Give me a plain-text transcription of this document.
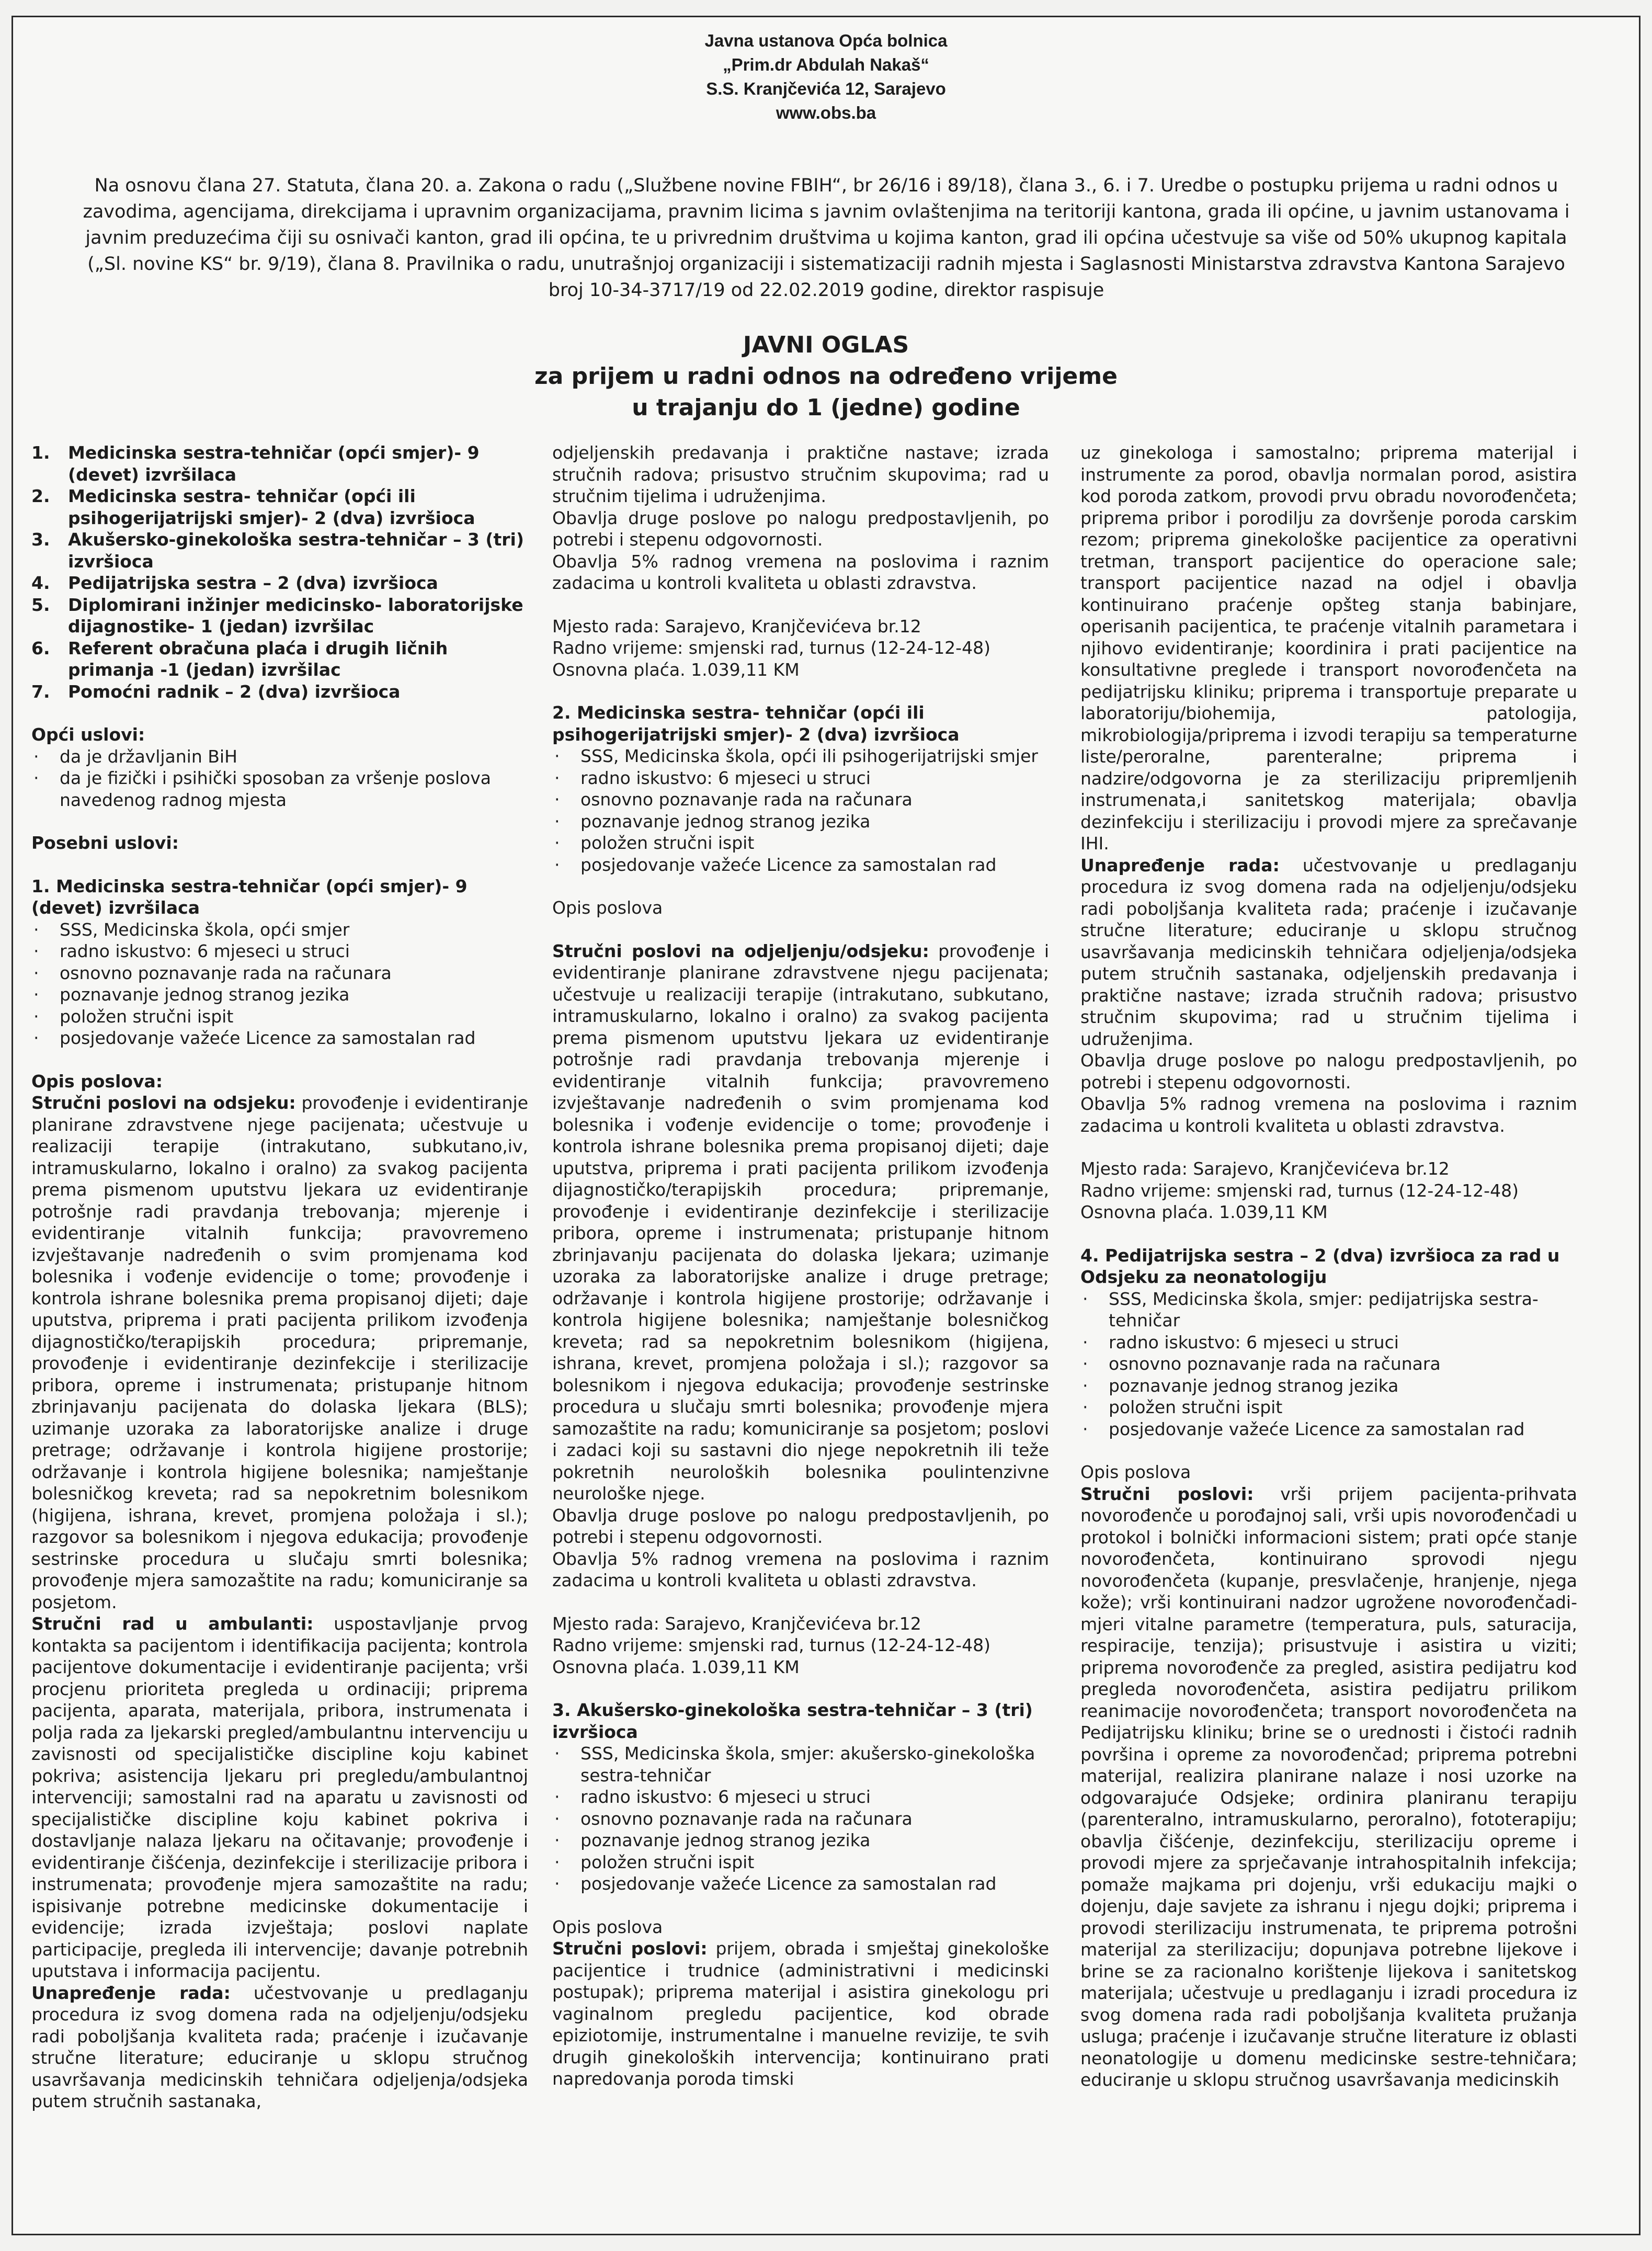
Javna ustanova Opća bolnica
„Prim.dr Abdulah Nakaš“
S.S. Kranjčevića 12, Sarajevo
www.obs.ba
Na osnovu člana 27. Statuta, člana 20. a. Zakona o radu („Službene novine FBIH“, br 26/16 i 89/18), člana 3., 6. i 7. Uredbe o postupku prijema u radni odnos u zavodima, agencijama, direkcijama i upravnim organizacijama, pravnim licima s javnim ovlaštenjima na teritoriji kantona, grada ili općine, u javnim ustanovama i javnim preduzećima čiji su osnivači kanton, grad ili općina, te u privrednim društvima u kojima kanton, grad ili općina učestvuje sa više od 50% ukupnog kapitala („Sl. novine KS“ br. 9/19), člana 8. Pravilnika o radu, unutrašnjoj organizaciji i sistematizaciji radnih mjesta i Saglasnosti Ministarstva zdravstva Kantona Sarajevo broj 10-34-3717/19 od 22.02.2019 godine, direktor raspisuje
JAVNI OGLAS
za prijem u radni odnos na određeno vrijeme
u trajanju do 1 (jedne) godine
1.	Medicinska sestra-tehničar (opći smjer)- 9 (devet) izvršilaca
2.	Medicinska sestra- tehničar (opći ili psihogerijatrijski smjer)- 2 (dva) izvršioca
3.	Akušersko-ginekološka sestra-tehničar – 3 (tri) izvršioca
4.	Pedijatrijska sestra – 2 (dva) izvršioca
5.	Diplomirani inžinjer medicinsko- laboratorijske dijagnostike- 1 (jedan) izvršilac
6.	Referent obračuna plaća i drugih ličnih primanja -1 (jedan) izvršilac
7.	Pomoćni radnik – 2 (dva) izvršioca
Opći uslovi:
·	da je državljanin BiH
·	da je fizički i psihički sposoban za vršenje poslova navedenog radnog mjesta
Posebni uslovi:
1. Medicinska sestra-tehničar (opći smjer)- 9 (devet) izvršilaca
·	SSS, Medicinska škola, opći smjer
·	radno iskustvo: 6 mjeseci u struci
·	osnovno poznavanje rada na računara
·	poznavanje jednog stranog jezika
·	položen stručni ispit
·	posjedovanje važeće Licence za samostalan rad
Opis poslova:
Stručni poslovi na odsjeku: provođenje i evidentiranje planirane zdravstvene njege pacijenata; učestvuje u realizaciji terapije (intrakutano, subkutano,iv, intramuskularno, lokalno i oralno) za svakog pacijenta prema pismenom uputstvu ljekara uz evidentiranje potrošnje radi pravdanja trebovanja; mjerenje i evidentiranje vitalnih funkcija; pravovremeno izvještavanje nadređenih o svim promjenama kod bolesnika i vođenje evidencije o tome; provođenje i kontrola ishrane bolesnika prema propisanoj dijeti; daje uputstva, priprema i prati pacijenta prilikom izvođenja dijagnostičko/terapijskih procedura; pripremanje, provođenje i evidentiranje dezinfekcije i sterilizacije pribora, opreme i instrumenata; pristupanje hitnom zbrinjavanju pacijenata do dolaska ljekara (BLS); uzimanje uzoraka za laboratorijske analize i druge pretrage; održavanje i kontrola higijene prostorije; održavanje i kontrola higijene bolesnika; namještanje bolesničkog kreveta; rad sa nepokretnim bolesnikom (higijena, ishrana, krevet, promjena položaja i sl.); razgovor sa bolesnikom i njegova edukacija; provođenje sestrinske procedura u slučaju smrti bolesnika; provođenje mjera samozaštite na radu; komuniciranje sa posjetom.
Stručni rad u ambulanti: uspostavljanje prvog kontakta sa pacijentom i identifikacija pacijenta; kontrola pacijentove dokumentacije i evidentiranje pacijenta; vrši procjenu prioriteta pregleda u ordinaciji; priprema pacijenta, aparata, materijala, pribora, instrumenata i polja rada za ljekarski pregled/ambulantnu intervenciju u zavisnosti od specijalističke discipline koju kabinet pokriva; asistencija ljekaru pri pregledu/ambulantnoj intervenciji; samostalni rad na aparatu u zavisnosti od specijalističke discipline koju kabinet pokriva i dostavljanje nalaza ljekaru na očitavanje; provođenje i evidentiranje čišćenja, dezinfekcije i sterilizacije pribora i instrumenata; provođenje mjera samozaštite na radu; ispisivanje potrebne medicinske dokumentacije i evidencije; izrada izvještaja; poslovi naplate participacije, pregleda ili intervencije; davanje potrebnih uputstava i informacija pacijentu.
Unapređenje rada: učestvovanje u predlaganju procedura iz svog domena rada na odjeljenju/odsjeku radi poboljšanja kvaliteta rada; praćenje i izučavanje stručne literature; educiranje u sklopu stručnog usavršavanja medicinskih tehničara odjeljenja/odsjeka putem stručnih sastanaka,
odjeljenskih predavanja i praktične nastave; izrada stručnih radova; prisustvo stručnim skupovima; rad u stručnim tijelima i udruženjima.
Obavlja druge poslove po nalogu predpostavljenih, po potrebi i stepenu odgovornosti.
Obavlja 5% radnog vremena na poslovima i raznim zadacima u kontroli kvaliteta u oblasti zdravstva.
Mjesto rada: Sarajevo, Kranjčevićeva br.12
Radno vrijeme: smjenski rad, turnus (12-24-12-48)
Osnovna plaća. 1.039,11 KM
2. Medicinska sestra- tehničar (opći ili psihogerijatrijski smjer)- 2 (dva) izvršioca
·	SSS, Medicinska škola, opći ili psihogerijatrijski smjer
·	radno iskustvo: 6 mjeseci u struci
·	osnovno poznavanje rada na računara
·	poznavanje jednog stranog jezika
·	položen stručni ispit
·	posjedovanje važeće Licence za samostalan rad
Opis poslova
Stručni poslovi na odjeljenju/odsjeku: provođenje i evidentiranje planirane zdravstvene njegu pacijenata; učestvuje u realizaciji terapije (intrakutano, subkutano, intramuskularno, lokalno i oralno) za svakog pacijenta prema pismenom uputstvu ljekara uz evidentiranje potrošnje radi pravdanja trebovanja mjerenje i evidentiranje vitalnih funkcija; pravovremeno izvještavanje nadređenih o svim promjenama kod bolesnika i vođenje evidencije o tome; provođenje i kontrola ishrane bolesnika prema propisanoj dijeti; daje uputstva, priprema i prati pacijenta prilikom izvođenja dijagnostičko/terapijskih procedura; pripremanje, provođenje i evidentiranje dezinfekcije i sterilizacije pribora, opreme i instrumenata; pristupanje hitnom zbrinjavanju pacijenata do dolaska ljekara; uzimanje uzoraka za laboratorijske analize i druge pretrage; održavanje i kontrola higijene prostorije; održavanje i kontrola higijene bolesnika; namještanje bolesničkog kreveta; rad sa nepokretnim bolesnikom (higijena, ishrana, krevet, promjena položaja i sl.); razgovor sa bolesnikom i njegova edukacija; provođenje sestrinske procedura u slučaju smrti bolesnika; provođenje mjera samozaštite na radu; komuniciranje sa posjetom; poslovi i zadaci koji su sastavni dio njege nepokretnih ili teže pokretnih neuroloških bolesnika poulintenzivne neurološke njege.
Obavlja druge poslove po nalogu predpostavljenih, po potrebi i stepenu odgovornosti.
Obavlja 5% radnog vremena na poslovima i raznim zadacima u kontroli kvaliteta u oblasti zdravstva.
Mjesto rada: Sarajevo, Kranjčevićeva br.12
Radno vrijeme: smjenski rad, turnus (12-24-12-48)
Osnovna plaća. 1.039,11 KM
3. Akušersko-ginekološka sestra-tehničar – 3 (tri) izvršioca
·	SSS, Medicinska škola, smjer: akušersko-ginekološka sestra-tehničar
·	radno iskustvo: 6 mjeseci u struci
·	osnovno poznavanje rada na računara
·	poznavanje jednog stranog jezika
·	položen stručni ispit
·	posjedovanje važeće Licence za samostalan rad
Opis poslova
Stručni poslovi: prijem, obrada i smještaj ginekološke pacijentice i trudnice (administrativni i medicinski postupak); priprema materijal i asistira ginekologu pri vaginalnom pregledu pacijentice, kod obrade epiziotomije, instrumentalne i manuelne revizije, te svih drugih ginekoloških intervencija; kontinuirano prati napredovanja poroda timski
uz ginekologa i samostalno; priprema materijal i instrumente za porod, obavlja normalan porod, asistira kod poroda zatkom, provodi prvu obradu novorođenčeta; priprema pribor i porodilju za dovršenje poroda carskim rezom; priprema ginekološke pacijentice za operativni tretman, transport pacijentice do operacione sale; transport pacijentice nazad na odjel i obavlja kontinuirano praćenje opšteg stanja babinjare, operisanih pacijentica, te praćenje vitalnih parametara i njihovo evidentiranje; koordinira i prati pacijentice na konsultativne preglede i transport novorođenčeta na pedijatrijsku kliniku; priprema i transportuje preparate u laboratoriju/biohemija, patologija, mikrobiologija/priprema i izvodi terapiju sa temperaturne liste/peroralne, parenteralne; priprema i nadzire/odgovorna je za sterilizaciju pripremljenih instrumenata,i sanitetskog materijala; obavlja dezinfekciju i sterilizaciju i provodi mjere za sprečavanje IHI.
Unapređenje rada: učestvovanje u predlaganju procedura iz svog domena rada na odjeljenju/odsjeku radi poboljšanja kvaliteta rada; praćenje i izučavanje stručne literature; educiranje u sklopu stručnog usavršavanja medicinskih tehničara odjeljenja/odsjeka putem stručnih sastanaka, odjeljenskih predavanja i praktične nastave; izrada stručnih radova; prisustvo stručnim skupovima; rad u stručnim tijelima i udruženjima.
Obavlja druge poslove po nalogu predpostavljenih, po potrebi i stepenu odgovornosti.
Obavlja 5% radnog vremena na poslovima i raznim zadacima u kontroli kvaliteta u oblasti zdravstva.
Mjesto rada: Sarajevo, Kranjčevićeva br.12
Radno vrijeme: smjenski rad, turnus (12-24-12-48)
Osnovna plaća. 1.039,11 KM
4. Pedijatrijska sestra – 2 (dva) izvršioca za rad u Odsjeku za neonatologiju
·	SSS, Medicinska škola, smjer: pedijatrijska sestra-tehničar
·	radno iskustvo: 6 mjeseci u struci
·	osnovno poznavanje rada na računara
·	poznavanje jednog stranog jezika
·	položen stručni ispit
·	posjedovanje važeće Licence za samostalan rad
Opis poslova
Stručni poslovi: vrši prijem pacijenta-prihvata novorođenče u porođajnoj sali, vrši upis novorođenčadi u protokol i bolnički informacioni sistem; prati opće stanje novorođenčeta, kontinuirano sprovodi njegu novorođenčeta (kupanje, presvlačenje, hranjenje, njega kože); vrši kontinuirani nadzor ugrožene novorođenčadi- mjeri vitalne parametre (temperatura, puls, saturacija, respiracije, tenzija); prisustvuje i asistira u viziti; priprema novorođenče za pregled, asistira pedijatru kod pregleda novorođenčeta, asistira pedijatru prilikom reanimacije novorođenčeta; transport novorođenčeta na Pedijatrijsku kliniku; brine se o urednosti i čistoći radnih površina i opreme za novorođenčad; priprema potrebni materijal, realizira planirane nalaze i nosi uzorke na odgovarajuće Odsjeke; ordinira planiranu terapiju (parenteralno, intramuskularno, peroralno), fototerapiju; obavlja čišćenje, dezinfekciju, sterilizaciju opreme i provodi mjere za sprječavanje intrahospitalnih infekcija; pomaže majkama pri dojenju, vrši edukaciju majki o dojenju, daje savjete za ishranu i njegu dojki; priprema i provodi sterilizaciju instrumenata, te priprema potrošni materijal za sterilizaciju; dopunjava potrebne lijekove i brine se za racionalno korištenje lijekova i sanitetskog materijala; učestvuje u predlaganju i izradi procedura iz svog domena rada radi poboljšanja kvaliteta pružanja usluga; praćenje i izučavanje stručne literature iz oblasti neonatologije u domenu medicinske sestre-tehničara; educiranje u sklopu stručnog usavršavanja medicinskih
